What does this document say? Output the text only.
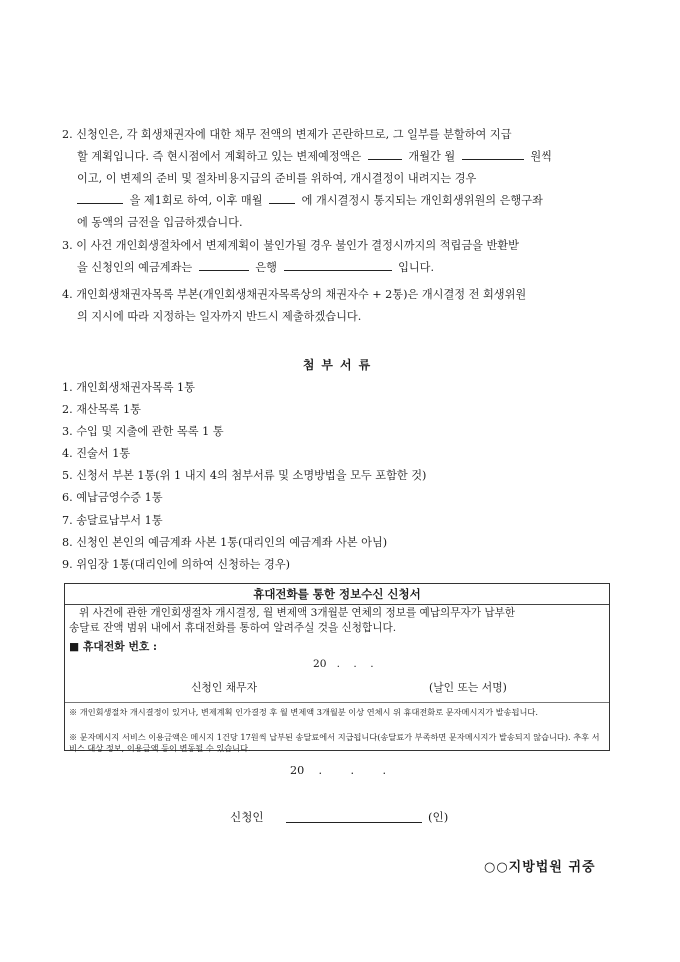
2. 신청인은, 각 회생채권자에 대한 채무 전액의 변제가 곤란하므로, 그 일부를 분할하여 지급
할 계획입니다. 즉 현시점에서 계획하고 있는 변제예정액은	개월간 월	원씩
이고, 이 변제의 준비 및 절차비용지급의 준비를 위하여, 개시결정이 내려지는 경우
을 제1회로 하여, 이후 매월	에 개시결정시 통지되는 개인회생위원의 은행구좌
에 동액의 금전을 입금하겠습니다.
3. 이 사건 개인회생절차에서 변제계획이 불인가될 경우 불인가 결정시까지의 적립금을 반환받
을 신청인의 예금계좌는	은행	입니다.
4. 개인회생채권자목록 부본(개인회생채권자목록상의 채권자수 + 2통)은 개시결정 전 회생위원
의 지시에 따라 지정하는 일자까지 반드시 제출하겠습니다.
첨부서류
1. 개인회생채권자목록 1통
2. 재산목록 1통
3. 수입 및 지출에 관한 목록 1 통
4. 진술서 1통
5. 신청서 부본 1통(위 1 내지 4의 첨부서류 및 소명방법을 모두 포함한 것)
6. 예납금영수증 1통
7. 송달료납부서 1통
8. 신청인 본인의 예금계좌 사본 1통(대리인의 예금계좌 사본 아님)
9. 위임장 1통(대리인에 의하여 신청하는 경우)
휴대전화를 통한 정보수신 신청서
위 사건에 관한 개인회생절차 개시결정, 월 변제액 3개월분 연체의 정보를 예납의무자가 납부한
송달료 잔액 범위 내에서 휴대전화를 통하여 알려주실 것을 신청합니다.
■ 휴대전화 번호 :
20   .    .    .
신청인 채무자	(날인 또는 서명)
※ 개인회생절차 개시결정이 있거나, 변제계획 인가결정 후 월 변제액 3개월분 이상 연체시 위 휴대전화로 문자메시지가 발송됩니다.
※ 문자메시지 서비스 이용금액은 메시지 1건당 17원씩 납부된 송달료에서 지급됩니다(송달료가 부족하면 문자메시지가 발송되지 않습니다). 추후 서비스 대상 정보, 이용금액 등이 변동될 수 있습니다.
20    .        .        .
신청인	(인)
○○지방법원 귀중
